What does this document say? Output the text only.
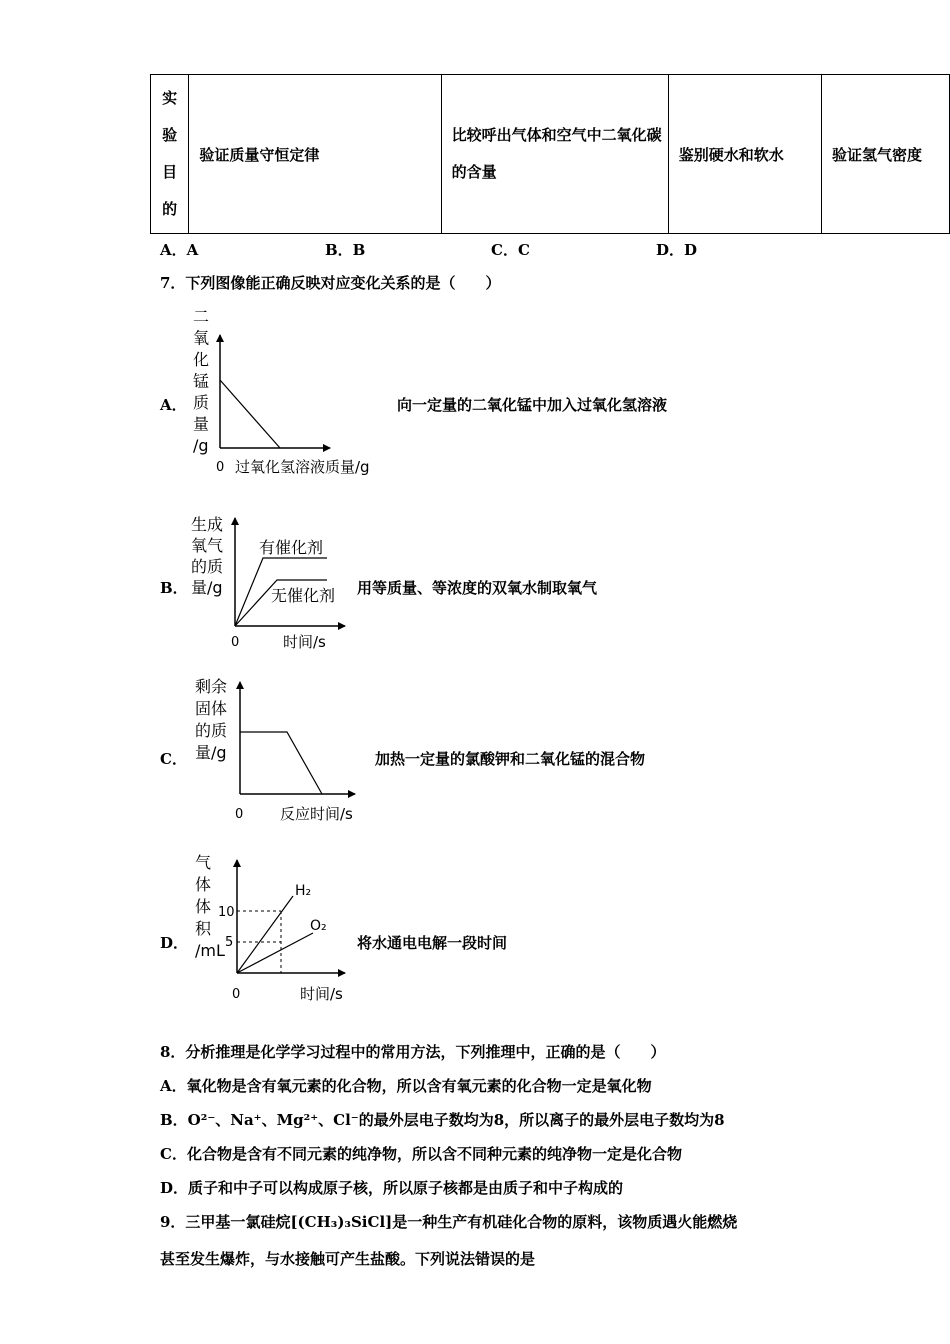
实
验
目
的
	验证质量守恒定律	比较呼出气体和空气中二氧化碳的含量	鉴别硬水和软水	验证氢气密度
A．A	B．B	C．C	D．D
7．下列图像能正确反映对应变化关系的是（　　）
A．
二
氧
化
锰
质
量
/g
0 过氧化氢溶液质量/g
向一定量的二氧化锰中加入过氧化氢溶液
B．
生成
氧气
的质
量/g
有催化剂
无催化剂
0	时间/s
用等质量、等浓度的双氧水制取氧气
C．
剩余
固体
的质
量/g
0 反应时间/s
加热一定量的氯酸钾和二氧化锰的混合物
D．
气
体
体
积
/mL
10
5
H₂
O₂
0	时间/s
将水通电电解一段时间
8．分析推理是化学学习过程中的常用方法，下列推理中，正确的是（　　）
A．氧化物是含有氧元素的化合物，所以含有氧元素的化合物一定是氧化物
B．O²⁻、Na⁺、Mg²⁺、Cl⁻的最外层电子数均为8，所以离子的最外层电子数均为8
C．化合物是含有不同元素的纯净物，所以含不同种元素的纯净物一定是化合物
D．质子和中子可以构成原子核，所以原子核都是由质子和中子构成的
9．三甲基一氯硅烷[(CH₃)₃SiCl]是一种生产有机硅化合物的原料，该物质遇火能燃烧
甚至发生爆炸，与水接触可产生盐酸。下列说法错误的是
